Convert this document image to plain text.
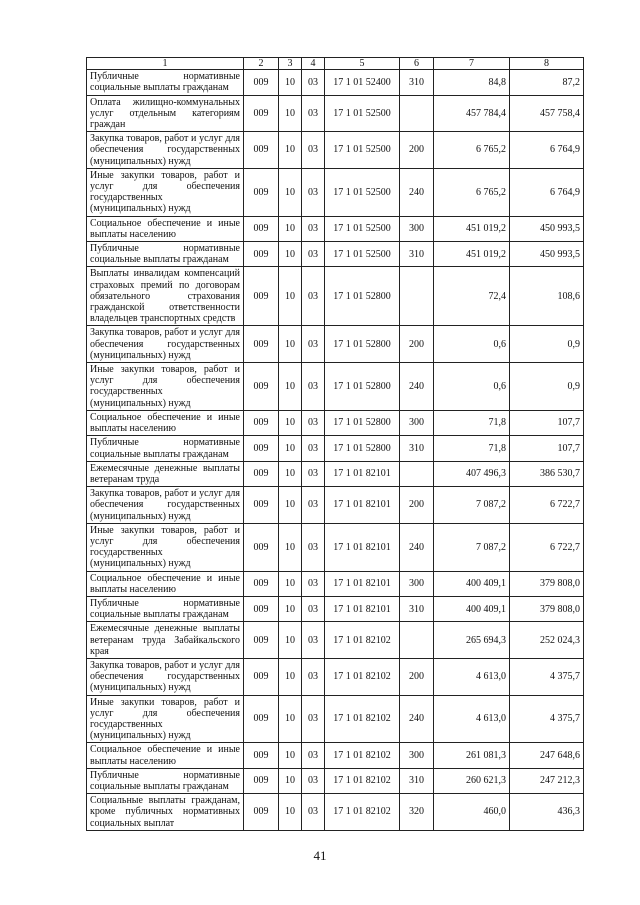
1	2	3	4	5	6	7	8
Публичные нормативные социальные выплаты гражданам	009	10	03	17 1 01 52400	310	84,8	87,2
Оплата жилищно-коммунальных услуг отдельным категориям граждан	009	10	03	17 1 01 52500		457 784,4	457 758,4
Закупка товаров, работ и услуг для обеспечения государственных (муниципальных) нужд	009	10	03	17 1 01 52500	200	6 765,2	6 764,9
Иные закупки товаров, работ и услуг для обеспечения государственных (муниципальных) нужд	009	10	03	17 1 01 52500	240	6 765,2	6 764,9
Социальное обеспечение и иные выплаты населению	009	10	03	17 1 01 52500	300	451 019,2	450 993,5
Публичные нормативные социальные выплаты гражданам	009	10	03	17 1 01 52500	310	451 019,2	450 993,5
Выплаты инвалидам компенсаций страховых премий по договорам обязательного страхования гражданской ответственности владельцев транспортных средств	009	10	03	17 1 01 52800		72,4	108,6
Закупка товаров, работ и услуг для обеспечения государственных (муниципальных) нужд	009	10	03	17 1 01 52800	200	0,6	0,9
Иные закупки товаров, работ и услуг для обеспечения государственных (муниципальных) нужд	009	10	03	17 1 01 52800	240	0,6	0,9
Социальное обеспечение и иные выплаты населению	009	10	03	17 1 01 52800	300	71,8	107,7
Публичные нормативные социальные выплаты гражданам	009	10	03	17 1 01 52800	310	71,8	107,7
Ежемесячные денежные выплаты ветеранам труда	009	10	03	17 1 01 82101		407 496,3	386 530,7
Закупка товаров, работ и услуг для обеспечения государственных (муниципальных) нужд	009	10	03	17 1 01 82101	200	7 087,2	6 722,7
Иные закупки товаров, работ и услуг для обеспечения государственных (муниципальных) нужд	009	10	03	17 1 01 82101	240	7 087,2	6 722,7
Социальное обеспечение и иные выплаты населению	009	10	03	17 1 01 82101	300	400 409,1	379 808,0
Публичные нормативные социальные выплаты гражданам	009	10	03	17 1 01 82101	310	400 409,1	379 808,0
Ежемесячные денежные выплаты ветеранам труда Забайкальского края	009	10	03	17 1 01 82102		265 694,3	252 024,3
Закупка товаров, работ и услуг для обеспечения государственных (муниципальных) нужд	009	10	03	17 1 01 82102	200	4 613,0	4 375,7
Иные закупки товаров, работ и услуг для обеспечения государственных (муниципальных) нужд	009	10	03	17 1 01 82102	240	4 613,0	4 375,7
Социальное обеспечение и иные выплаты населению	009	10	03	17 1 01 82102	300	261 081,3	247 648,6
Публичные нормативные социальные выплаты гражданам	009	10	03	17 1 01 82102	310	260 621,3	247 212,3
Социальные выплаты гражданам, кроме публичных нормативных социальных выплат	009	10	03	17 1 01 82102	320	460,0	436,3
41
